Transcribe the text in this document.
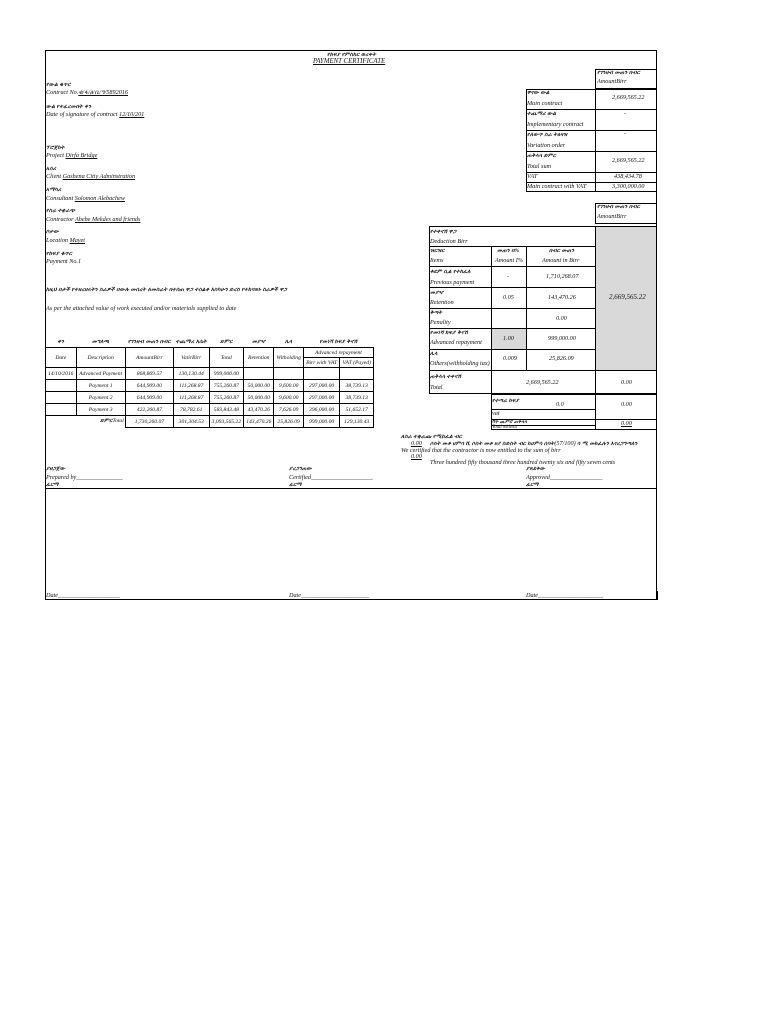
የክፍያ የምስክር ወረቀት
PAYMENT CERTIFICATE
የውል ቁጥር
Contract No.ቁ/ፋ/ፅ/ቤ/ግ/5892016
ውል የተፈረመበት ቀን
Date of signature of contract 12/10/201
ፕሮጀክት
Project Dirfa Bridge
አሰሪ
Client Gashena Citiy Adminstration
አማካሪ
Consultant Solomon Alebachew
የስራ ተቋራጭ
Contractor Abebe Mekdes and friends
ቦታው
Location Mayet
የክፍያ ቁጥር
Payment No.1
ከዚህ በታች የተዘረዘሩትን ስራዎች በውሉ መሰረት ለመስራት በተሰጠ ዋጋ ተሰልቶ እስካሁን ድረስ የተከናወኑ ስራዎች ዋጋ
As per the attached value of work executed and/or materials supplied to date
የገንዘብ መጠን በብር
AmountBirr
ዋናው ውል
Main contract
2,669,565.22
ተጨማሪ ውል
Implementary contract
-
የለውጥ ስራ ትዕዛዝ
Variation order
-
ጠቅላላ ድምር
Total sum
2,669,565.22
VAT	438,434.78
Main contract with VAT	3,300,000.00
የገንዘብ መጠን በብር
AmountBirr
የተቀናሽ ዋጋ
Deduction Birr
ዝርዝር
Items
መጠን በ%
Amount I%
በብር መጠን
Amount in Birr
ቀደም ሲል የተከፈለ
Previous payment
-	1,710,268.07
መያዣ
Retention
0.05	143,470.26
ቅጣት
Penality
0.00
የመነሻ ክፍያ ቅናሽ
Advanced repayment
1.00	999,000.00
ሌላ
Others(withholding tax)
0.009	25,826.09
2,669,565.22
ጠቅላላ ተቀናሽ
Total
2,669,565.22	0.00
የተጣራ ክፍያ	0.0	0.00
vat
ቫት ጨምሮ ጠቅላላ
Total withvat
0.00
ቀን	መግለጫ	የገንዘብ መጠን በብር	ተጨማሪ እሴት	ድምር	መያዣ	ሌላ	የመነሻ ክፍያ ቅናሽ	
Date	Description	AmountBirr	VatirBirr	Total	Retention	Witholding	Advanced repayment	
							Birr with VAT	VAT (Payed)
14/10/2016	Advanced Payment	868,869.57	130,130.44	999,000.00				
	Payment 1	644,909.00	111,268.87	755,260.87	50,000.00	9,600.00	297,000.00	38,739.13
	Payment 2	644,909.00	111,268.87	755,260.87	50,000.00	9,600.00	297,000.00	38,739.13
	Payment 3	422,260.87	78,782.61	583,843.48	43,470.26	7,626.09	396,000.00	51,652.17
	ድምርTotal	1,730,260.07	301,304.53	3,093,565.22	143,470.26	25,826.09	999,000.00	129,130.43
ለስራ ተቋራጩ የሚከፈል ብር
0.00 ሶስት መቶ ሀምሳ ሺ ሶስት መቶ ሀያ ስድስት ብር ከሀምሳ ሰባት(57/100) ሳ ሚ መክፈሉን እናረጋግጣለን
We certified that the contractor is now entitled to the sum of birr
0.00
Three hundred fifty thousand three hundred twenty six and fifty seven cents
ያዘጋጀው
Prepared by_______________
ፊርማ
ያረጋገጠው
Certified____________________
ፊርማ
ያጸደቀው
Approved_________________
ፊርማ
Date____________________	Date______________________	Date_____________________
